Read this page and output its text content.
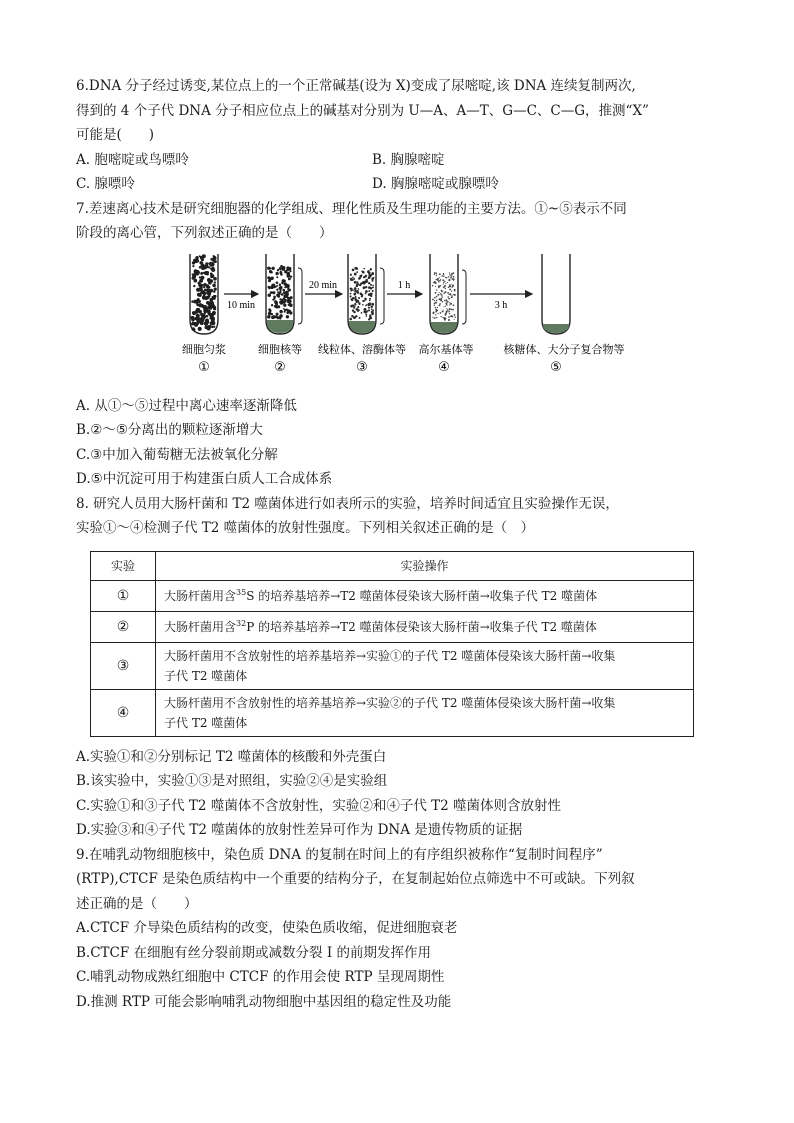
6.DNA 分子经过诱变,某位点上的一个正常碱基(设为 X)变成了尿嘧啶,该 DNA 连续复制两次,
得到的 4 个子代 DNA 分子相应位点上的碱基对分别为 U—A、A—T、G—C、C—G，推测“X”
可能是(　　)
A. 胞嘧啶或鸟嘌呤	B. 胸腺嘧啶
C. 腺嘌呤	D. 胸腺嘧啶或腺嘌呤
7.差速离心技术是研究细胞器的化学组成、理化性质及生理功能的主要方法。①~⑤表示不同
阶段的离心管，下列叙述正确的是（　　）
10 min
20 min	1 h
3 h
细胞匀浆	细胞核等 线粒体、溶酶体等 高尔基体等	核糖体、大分子复合物等
①	②	③	④	⑤
A. 从①～⑤过程中离心速率逐渐降低
B.②～⑤分离出的颗粒逐渐增大
C.③中加入葡萄糖无法被氧化分解
D.⑤中沉淀可用于构建蛋白质人工合成体系
8. 研究人员用大肠杆菌和 T2 噬菌体进行如表所示的实验，培养时间适宜且实验操作无误，
实验①～④检测子代 T2 噬菌体的放射性强度。下列相关叙述正确的是（　）
实验	实验操作
①	大肠杆菌用含$^{35}$S 的培养基培养→T2 噬菌体侵染该大肠杆菌→收集子代 T2 噬菌体
②	大肠杆菌用含$^{32}$P 的培养基培养→T2 噬菌体侵染该大肠杆菌→收集子代 T2 噬菌体
③	大肠杆菌用不含放射性的培养基培养→实验①的子代 T2 噬菌体侵染该大肠杆菌→收集
子代 T2 噬菌体

④	大肠杆菌用不含放射性的培养基培养→实验②的子代 T2 噬菌体侵染该大肠杆菌→收集
子代 T2 噬菌体
A.实验①和②分别标记 T2 噬菌体的核酸和外壳蛋白
B.该实验中，实验①③是对照组，实验②④是实验组
C.实验①和③子代 T2 噬菌体不含放射性，实验②和④子代 T2 噬菌体则含放射性
D.实验③和④子代 T2 噬菌体的放射性差异可作为 DNA 是遗传物质的证据
9.在哺乳动物细胞核中，染色质 DNA 的复制在时间上的有序组织被称作“复制时间程序”
(RTP),CTCF 是染色质结构中一个重要的结构分子，在复制起始位点筛选中不可或缺。下列叙
述正确的是（　　）
A.CTCF 介导染色质结构的改变，使染色质收缩，促进细胞衰老
B.CTCF 在细胞有丝分裂前期或减数分裂 I 的前期发挥作用
C.哺乳动物成熟红细胞中 CTCF 的作用会使 RTP 呈现周期性
D.推测 RTP 可能会影响哺乳动物细胞中基因组的稳定性及功能
